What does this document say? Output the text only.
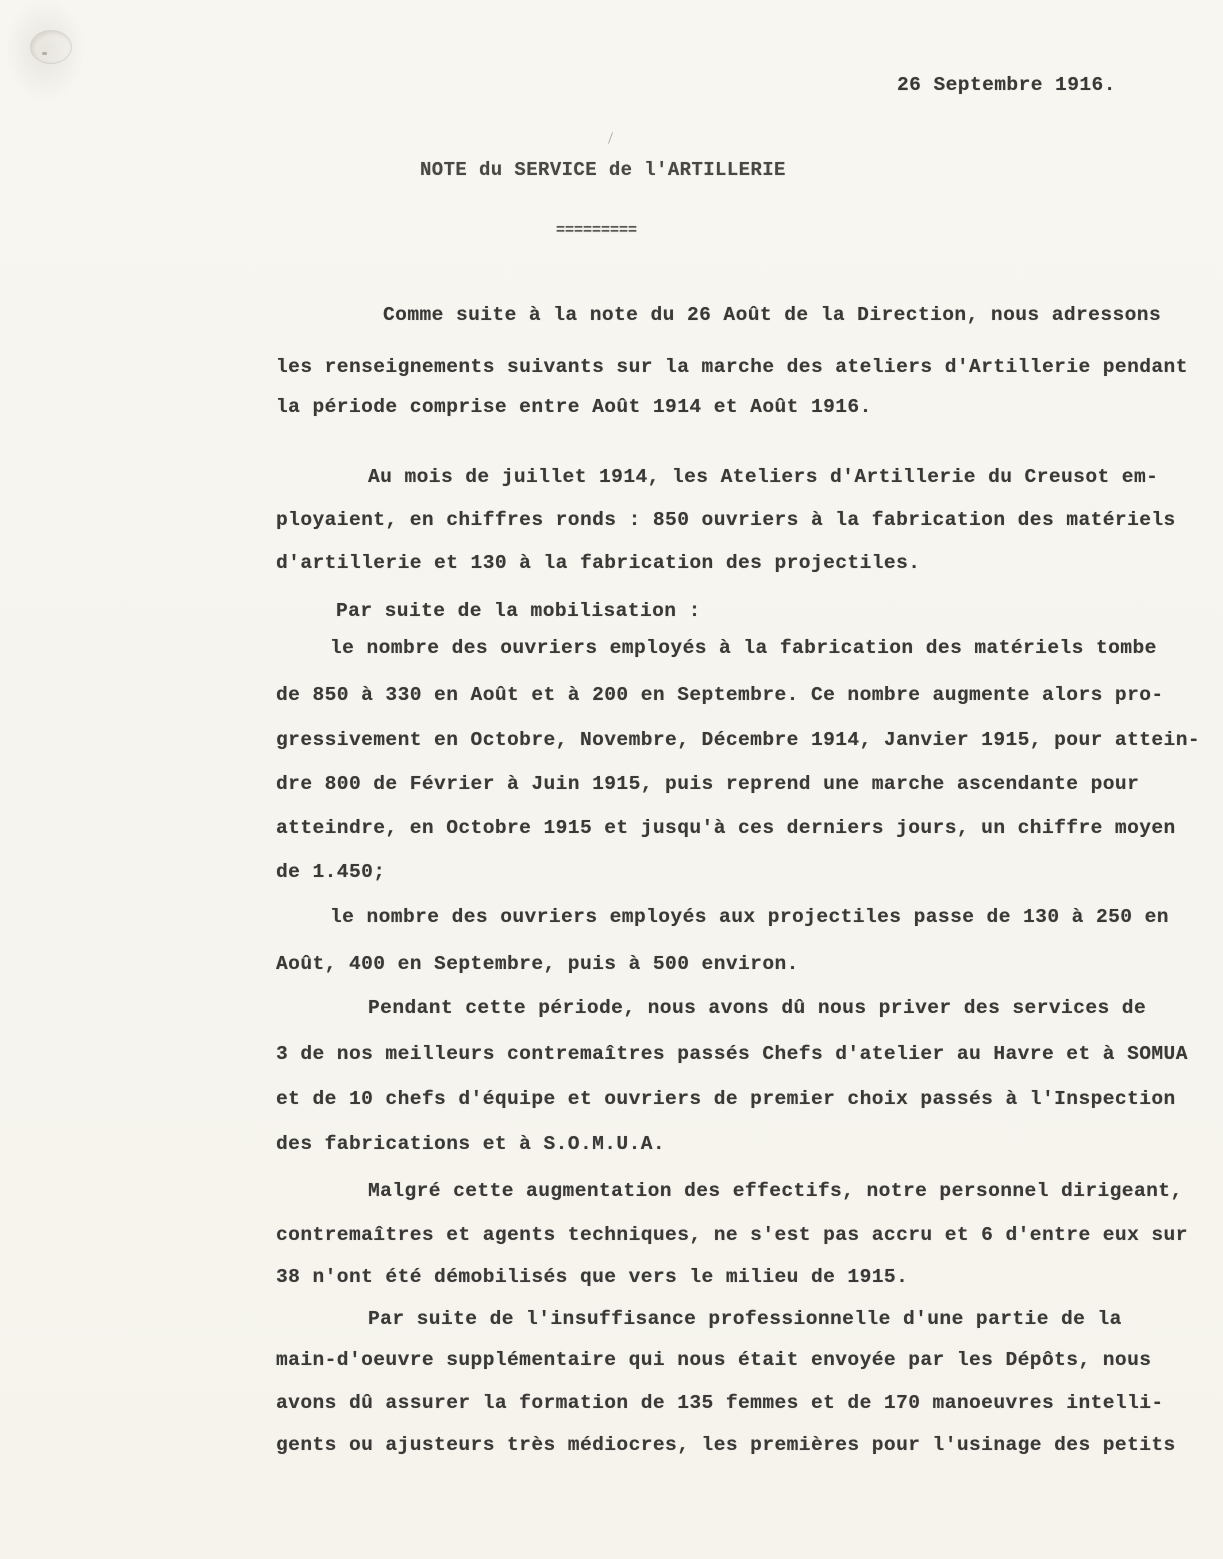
26 Septembre 1916.
NOTE du SERVICE de l'ARTILLERIE
=========
Comme suite à la note du 26 Août de la Direction, nous adressons
les renseignements suivants sur la marche des ateliers d'Artillerie pendant
la période comprise entre Août 1914 et Août 1916.
Au mois de juillet 1914, les Ateliers d'Artillerie du Creusot em-
ployaient, en chiffres ronds : 850 ouvriers à la fabrication des matériels
d'artillerie et 130 à la fabrication des projectiles.
Par suite de la mobilisation :
le nombre des ouvriers employés à la fabrication des matériels tombe
de 850 à 330 en Août et à 200 en Septembre. Ce nombre augmente alors pro-
gressivement en Octobre, Novembre, Décembre 1914, Janvier 1915, pour attein-
dre 800 de Février à Juin 1915, puis reprend une marche ascendante pour
atteindre, en Octobre 1915 et jusqu'à ces derniers jours, un chiffre moyen
de 1.450;
le nombre des ouvriers employés aux projectiles passe de 130 à 250 en
Août, 400 en Septembre, puis à 500 environ.
Pendant cette période, nous avons dû nous priver des services de
3 de nos meilleurs contremaîtres passés Chefs d'atelier au Havre et à SOMUA
et de 10 chefs d'équipe et ouvriers de premier choix passés à l'Inspection
des fabrications et à S.O.M.U.A.
Malgré cette augmentation des effectifs, notre personnel dirigeant,
contremaîtres et agents techniques, ne s'est pas accru et 6 d'entre eux sur
38 n'ont été démobilisés que vers le milieu de 1915.
Par suite de l'insuffisance professionnelle d'une partie de la
main-d'oeuvre supplémentaire qui nous était envoyée par les Dépôts, nous
avons dû assurer la formation de 135 femmes et de 170 manoeuvres intelli-
gents ou ajusteurs très médiocres, les premières pour l'usinage des petits
